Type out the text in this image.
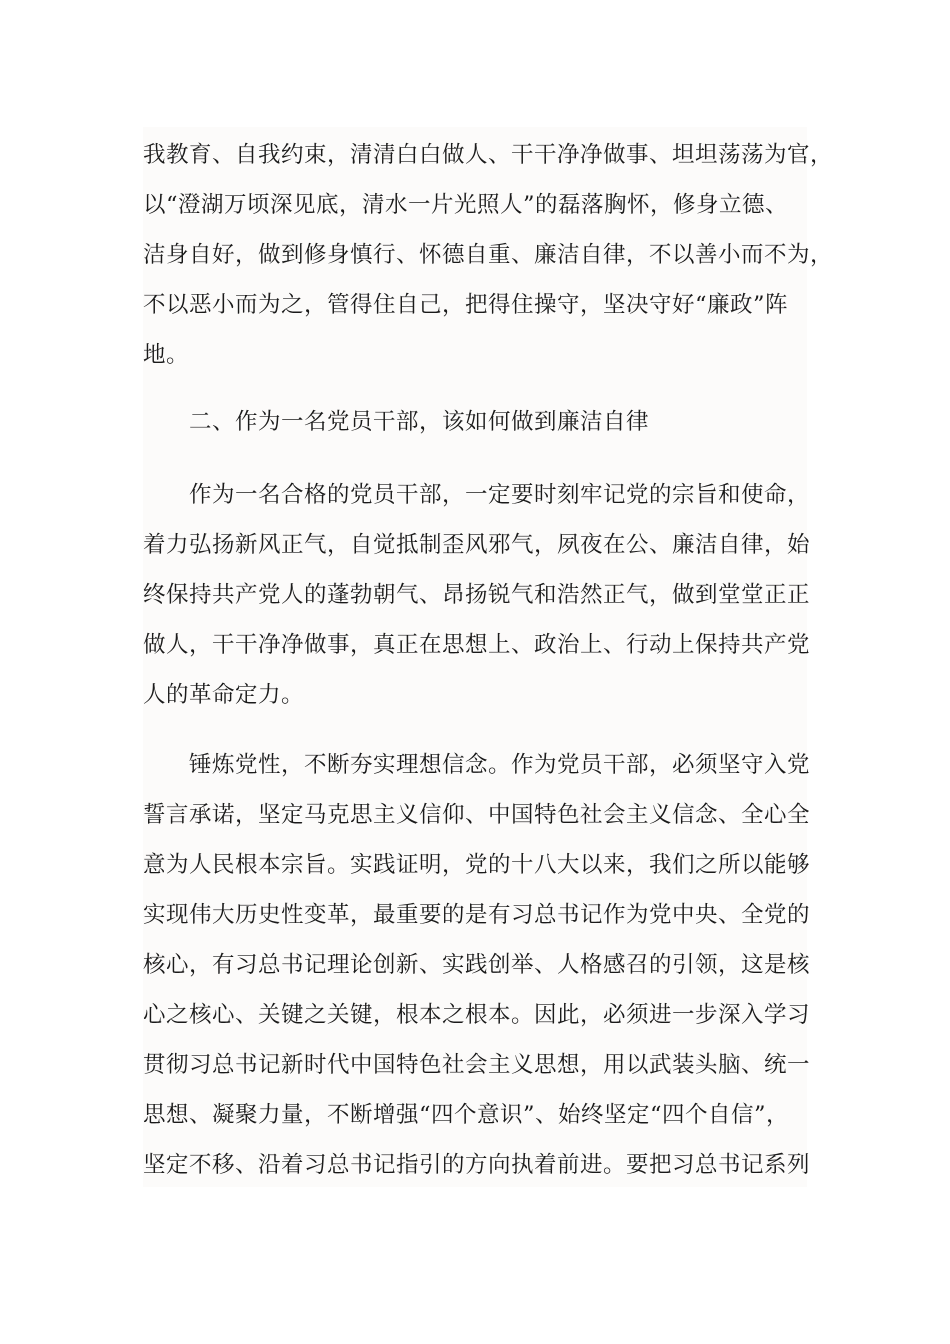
我教育、自我约束，清清白白做人、干干净净做事、坦坦荡荡为官，
以“澄湖万顷深见底，清水一片光照人”的磊落胸怀，修身立德、
洁身自好，做到修身慎行、怀德自重、廉洁自律，不以善小而不为，
不以恶小而为之，管得住自己，把得住操守，坚决守好“廉政”阵
地。
二、作为一名党员干部，该如何做到廉洁自律
作为一名合格的党员干部，一定要时刻牢记党的宗旨和使命，
着力弘扬新风正气，自觉抵制歪风邪气，夙夜在公、廉洁自律，始
终保持共产党人的蓬勃朝气、昂扬锐气和浩然正气，做到堂堂正正
做人，干干净净做事，真正在思想上、政治上、行动上保持共产党
人的革命定力。
锤炼党性，不断夯实理想信念。作为党员干部，必须坚守入党
誓言承诺，坚定马克思主义信仰、中国特色社会主义信念、全心全
意为人民根本宗旨。实践证明，党的十八大以来，我们之所以能够
实现伟大历史性变革，最重要的是有习总书记作为党中央、全党的
核心，有习总书记理论创新、实践创举、人格感召的引领，这是核
心之核心、关键之关键，根本之根本。因此，必须进一步深入学习
贯彻习总书记新时代中国特色社会主义思想，用以武装头脑、统一
思想、凝聚力量，不断增强“四个意识”、始终坚定“四个自信”，
坚定不移、沿着习总书记指引的方向执着前进。要把习总书记系列
